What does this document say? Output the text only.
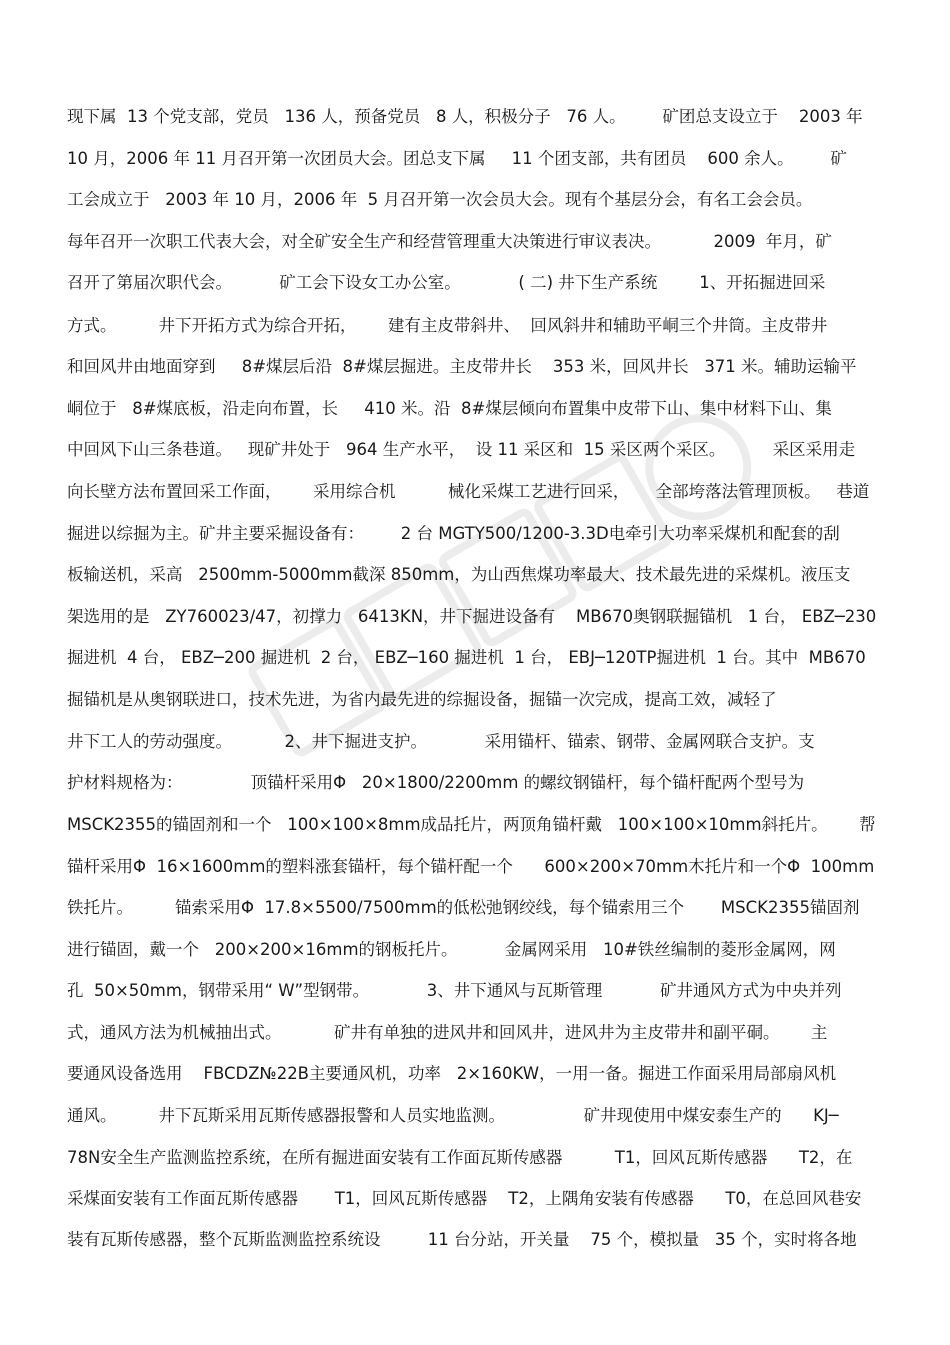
现下属  13 个党支部，党员   136 人，预备党员   8 人，积极分子   76 人。       矿团总支设立于    2003 年
10 月，2006 年 11 月召开第一次团员大会。团总支下属     11 个团支部，共有团员    600 余人。       矿
工会成立于   2003 年 10 月，2006 年  5 月召开第一次会员大会。现有个基层分会，有名工会会员。
每年召开一次职工代表大会，对全矿安全生产和经营管理重大决策进行审议表决。          2009  年月，矿
召开了第届次职代会。         矿工会下设女工办公室。           ( 二) 井下生产系统        1、开拓掘进回采
方式。        井下开拓方式为综合开拓，      建有主皮带斜井、  回风斜井和辅助平峒三个井筒。主皮带井
和回风井由地面穿到     8#煤层后沿  8#煤层掘进。主皮带井长    353 米，回风井长   371 米。辅助运输平
峒位于   8#煤底板，沿走向布置，长     410 米。沿  8#煤层倾向布置集中皮带下山、集中材料下山、集
中回风下山三条巷道。   现矿井处于   964 生产水平，  设 11 采区和  15 采区两个采区。         采区采用走
向长壁方法布置回采工作面，      采用综合机          械化采煤工艺进行回采，     全部垮落法管理顶板。   巷道
掘进以综掘为主。矿井主要采掘设备有：       2 台 MGTY500/1200-3.3D电牵引大功率采煤机和配套的刮
板输送机，采高   2500mm-5000mm截深 850mm，为山西焦煤功率最大、技术最先进的采煤机。液压支
架选用的是   ZY760023/47，初撑力   6413KN，井下掘进设备有    MB670奥钢联掘锚机   1 台， EBZ─230
掘进机  4 台， EBZ─200 掘进机  2 台， EBZ─160 掘进机  1 台， EBJ─120TP掘进机  1 台。其中  MB670
掘锚机是从奥钢联进口，技术先进，为省内最先进的综掘设备，掘锚一次完成，提高工效，减轻了
井下工人的劳动强度。          2、井下掘进支护。           采用锚杆、锚索、钢带、金属网联合支护。支
护材料规格为：             顶锚杆采用Φ   20×1800/2200mm 的螺纹钢锚杆，每个锚杆配两个型号为
MSCK2355的锚固剂和一个   100×100×8mm成品托片，两顶角锚杆戴   100×100×10mm斜托片。      帮
锚杆采用Φ  16×1600mm的塑料涨套锚杆，每个锚杆配一个      600×200×70mm木托片和一个Φ  100mm
铁托片。        锚索采用Φ  17.8×5500/7500mm的低松弛钢绞线，每个锚索用三个       MSCK2355锚固剂
进行锚固，戴一个   200×200×16mm的钢板托片。         金属网采用   10#铁丝编制的菱形金属网，网
孔  50×50mm，钢带采用“ W”型钢带。           3、井下通风与瓦斯管理           矿井通风方式为中央并列
式，通风方法为机械抽出式。          矿井有单独的进风井和回风井，进风井为主皮带井和副平硐。      主
要通风设备选用    FBCDZ№22B主要通风机，功率   2×160KW，一用一备。掘进工作面采用局部扇风机
通风。        井下瓦斯采用瓦斯传感器报警和人员实地监测。               矿井现使用中煤安泰生产的      KJ─
78N安全生产监测监控系统，在所有掘进面安装有工作面瓦斯传感器          T1，回风瓦斯传感器      T2，在
采煤面安装有工作面瓦斯传感器       T1，回风瓦斯传感器    T2，上隅角安装有传感器      T0，在总回风巷安
装有瓦斯传感器，整个瓦斯监测监控系统设         11 台分站，开关量    75 个，模拟量   35 个，实时将各地
